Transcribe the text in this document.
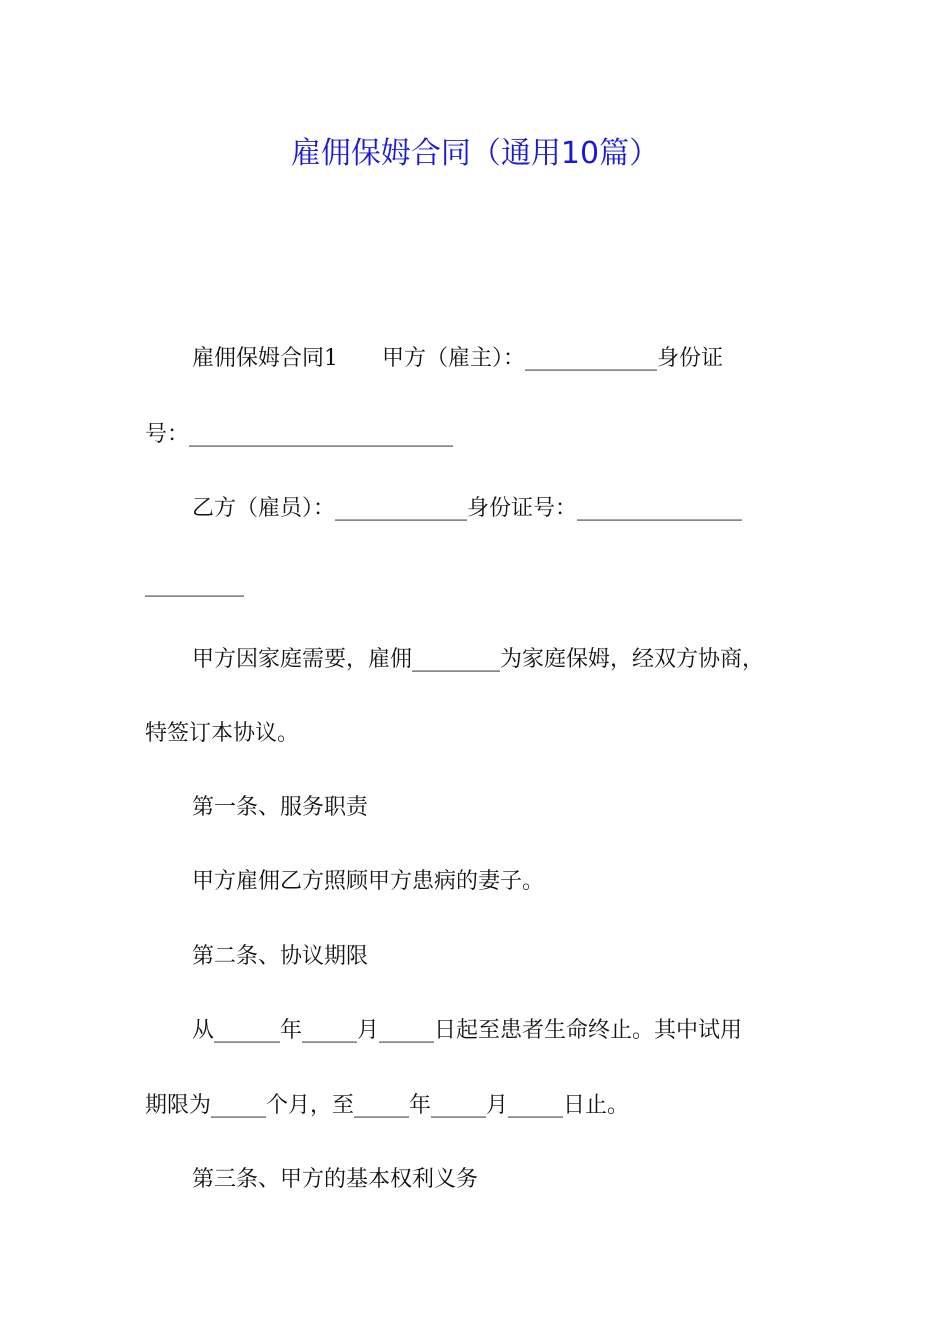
雇佣保姆合同（通用10篇）
雇佣保姆合同1　　甲方（雇主）：____________身份证
号：________________________
乙方（雇员）：____________身份证号：_______________
_________
甲方因家庭需要，雇佣________为家庭保姆，经双方协商，
特签订本协议。
第一条、服务职责
甲方雇佣乙方照顾甲方患病的妻子。
第二条、协议期限
从______年_____月_____日起至患者生命终止。其中试用
期限为_____个月，至_____年_____月_____日止。
第三条、甲方的基本权利义务
